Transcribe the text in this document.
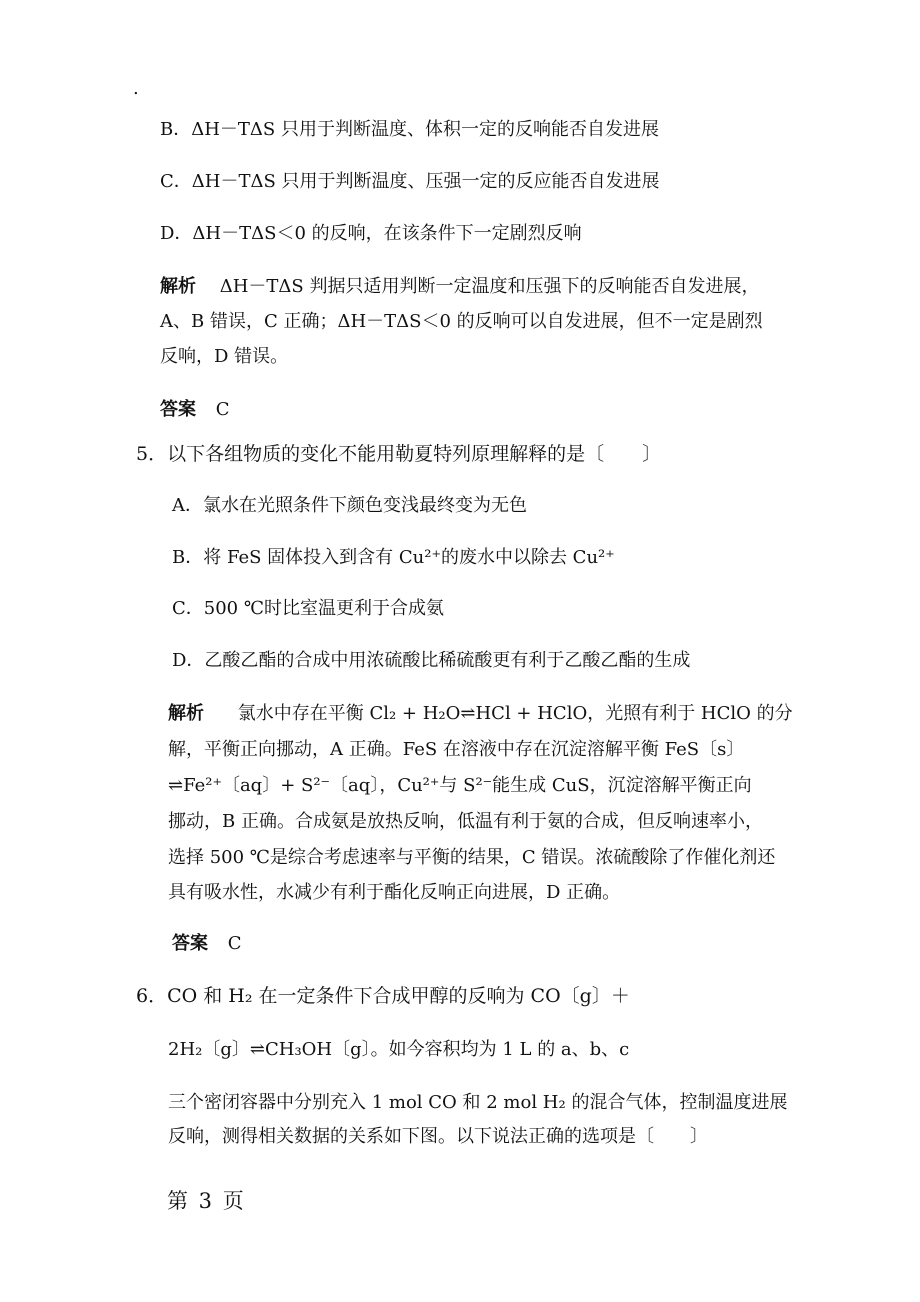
.
B．ΔH－TΔS 只用于判断温度、体积一定的反响能否自发进展
C．ΔH－TΔS 只用于判断温度、压强一定的反应能否自发进展
D．ΔH－TΔS＜0 的反响，在该条件下一定剧烈反响
解析 ΔH－TΔS 判据只适用判断一定温度和压强下的反响能否自发进展，
A、B 错误，C 正确；ΔH－TΔS＜0 的反响可以自发进展，但不一定是剧烈
反响，D 错误。
答案 C
5．以下各组物质的变化不能用勒夏特列原理解释的是〔　　〕
A．氯水在光照条件下颜色变浅最终变为无色
B．将 FeS 固体投入到含有 Cu²⁺的废水中以除去 Cu²⁺
C．500 ℃时比室温更利于合成氨
D．乙酸乙酯的合成中用浓硫酸比稀硫酸更有利于乙酸乙酯的生成
解析 氯水中存在平衡 Cl₂ + H₂O⇌HCl + HClO，光照有利于 HClO 的分
解，平衡正向挪动，A 正确。FeS 在溶液中存在沉淀溶解平衡 FeS〔s〕
⇌Fe²⁺〔aq〕+ S²⁻〔aq〕，Cu²⁺与 S²⁻能生成 CuS，沉淀溶解平衡正向
挪动，B 正确。合成氨是放热反响，低温有利于氨的合成，但反响速率小，
选择 500 ℃是综合考虑速率与平衡的结果，C 错误。浓硫酸除了作催化剂还
具有吸水性，水减少有利于酯化反响正向进展，D 正确。
答案 C
6．CO 和 H₂ 在一定条件下合成甲醇的反响为 CO〔g〕＋
2H₂〔g〕⇌CH₃OH〔g〕。如今容积均为 1 L 的 a、b、c
三个密闭容器中分别充入 1 mol CO 和 2 mol H₂ 的混合气体，控制温度进展
反响，测得相关数据的关系如下图。以下说法正确的选项是〔　　〕
第 3 页
